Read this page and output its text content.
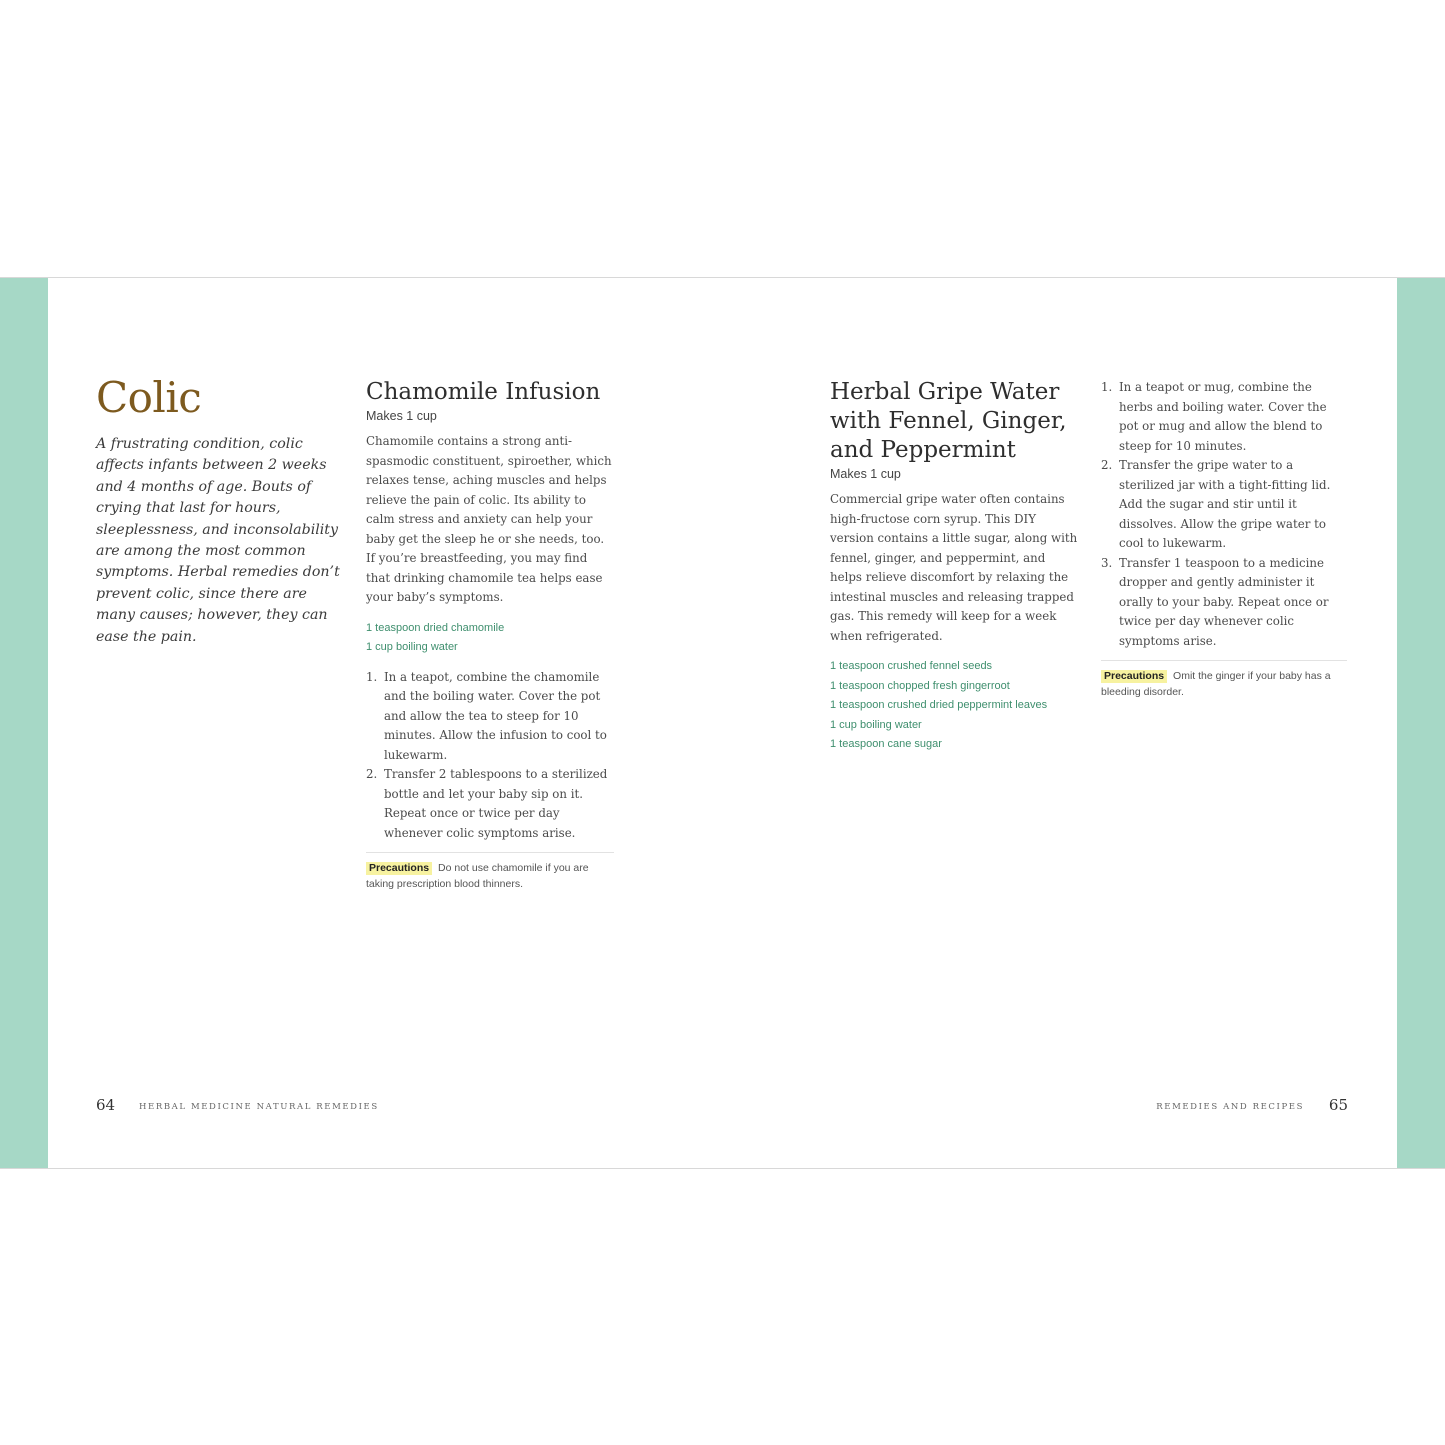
Colic

A frustrating condition, colic affects infants between 2 weeks and 4 months of age. Bouts of crying that last for hours, sleeplessness, and inconsolability are among the most common symptoms. Herbal remedies don’t prevent colic, since there are many causes; however, they can ease the pain.

Chamomile Infusion
Makes 1 cup

Chamomile contains a strong anti-spasmodic constituent, spiroether, which relaxes tense, aching muscles and helps relieve the pain of colic. Its ability to calm stress and anxiety can help your baby get the sleep he or she needs, too. If you’re breastfeeding, you may find that drinking chamomile tea helps ease your baby’s symptoms.

1 teaspoon dried chamomile
1 cup boiling water
1. In a teapot, combine the chamomile and the boiling water. Cover the pot and allow the tea to steep for 10 minutes. Allow the infusion to cool to lukewarm.
2. Transfer 2 tablespoons to a sterilized bottle and let your baby sip on it. Repeat once or twice per day whenever colic symptoms arise.
Precautions Do not use chamomile if you are taking prescription blood thinners.
Herbal Gripe Water with Fennel, Ginger, and Peppermint
Makes 1 cup

Commercial gripe water often contains high-fructose corn syrup. This DIY version contains a little sugar, along with fennel, ginger, and peppermint, and helps relieve discomfort by relaxing the intestinal muscles and releasing trapped gas. This remedy will keep for a week when refrigerated.

1 teaspoon crushed fennel seeds
1 teaspoon chopped fresh gingerroot
1 teaspoon crushed dried peppermint leaves
1 cup boiling water
1 teaspoon cane sugar
1. In a teapot or mug, combine the herbs and boiling water. Cover the pot or mug and allow the blend to steep for 10 minutes.
2. Transfer the gripe water to a sterilized jar with a tight-fitting lid. Add the sugar and stir until it dissolves. Allow the gripe water to cool to lukewarm.
3. Transfer 1 teaspoon to a medicine dropper and gently administer it orally to your baby. Repeat once or twice per day whenever colic symptoms arise.
Precautions Omit the ginger if your baby has a bleeding disorder.
64	HERBAL MEDICINE NATURAL REMEDIES	REMEDIES AND RECIPES 65
